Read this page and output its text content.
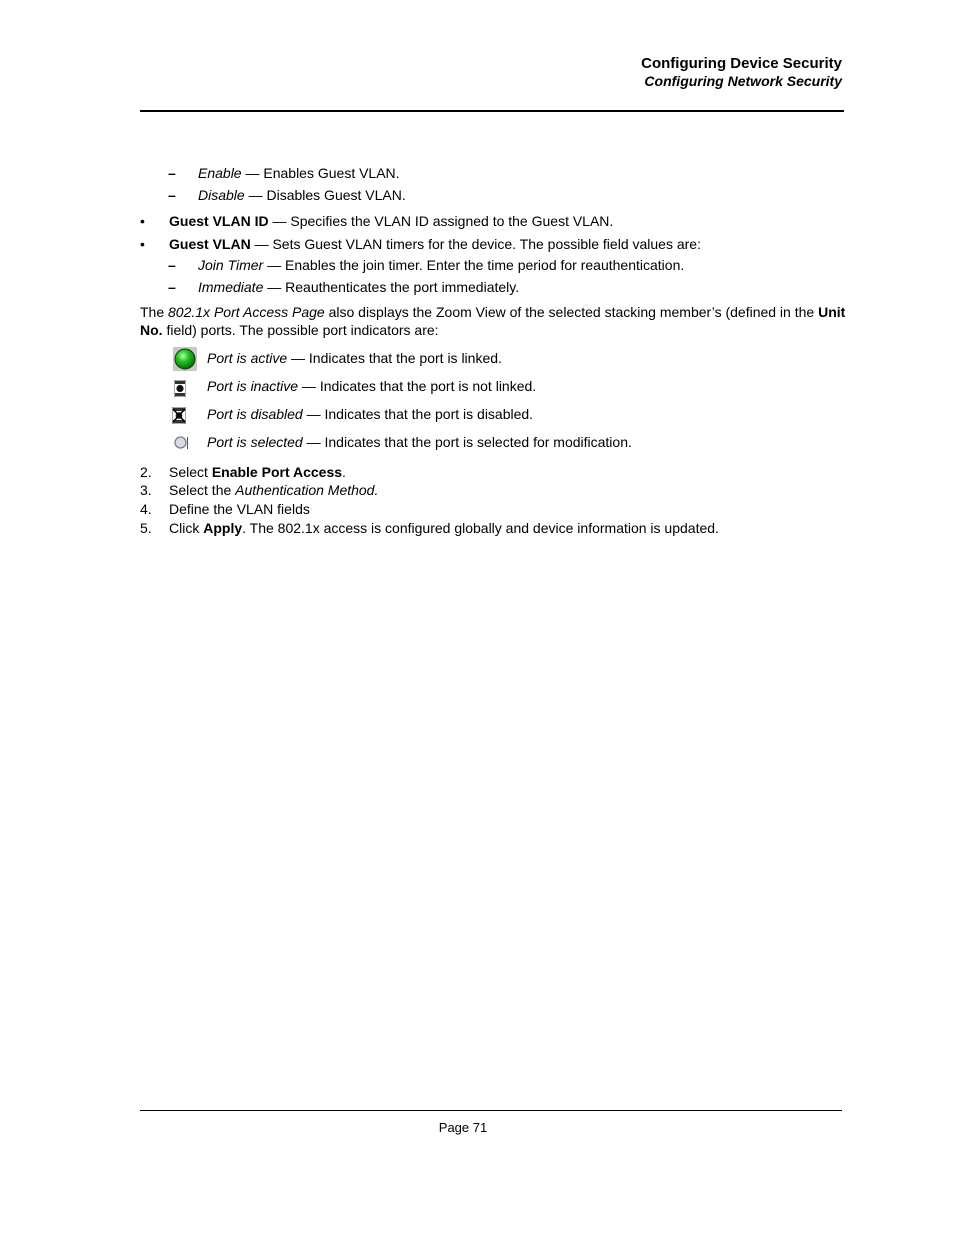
Configuring Device Security
Configuring Network Security
– Enable — Enables Guest VLAN.
– Disable — Disables Guest VLAN.
• Guest VLAN ID — Specifies the VLAN ID assigned to the Guest VLAN.
• Guest VLAN — Sets Guest VLAN timers for the device. The possible field values are:
– Join Timer — Enables the join timer. Enter the time period for reauthentication.
– Immediate — Reauthenticates the port immediately.
The 802.1x Port Access Page also displays the Zoom View of the selected stacking member’s (defined in the Unit
No. field) ports. The possible port indicators are:
Port is active — Indicates that the port is linked.
Port is inactive — Indicates that the port is not linked.
Port is disabled — Indicates that the port is disabled.
Port is selected — Indicates that the port is selected for modification.
2. Select Enable Port Access.
3. Select the Authentication Method.
4. Define the VLAN fields
5. Click Apply. The 802.1x access is configured globally and device information is updated.
Page 71
